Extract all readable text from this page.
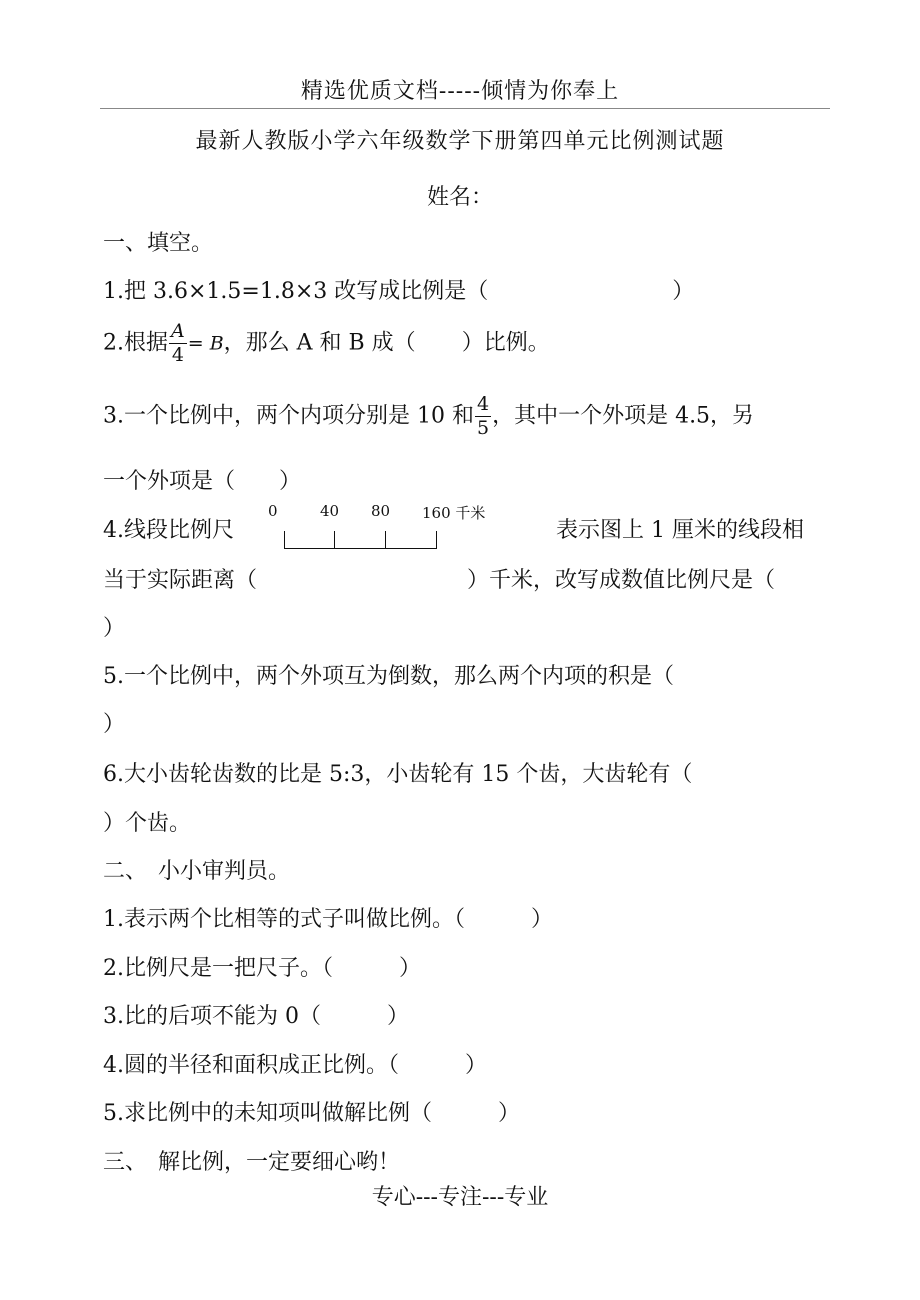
精选优质文档-----倾情为你奉上
最新人教版小学六年级数学下册第四单元比例测试题
姓名：
一、填空。
1.把 3.6×1.5=1.8×3 改写成比例是（	）
2.根据 $\frac{A}{4} = B$，那么 A 和 B 成（ ）比例。
3.一个比例中，两个内项分别是 10 和 $\frac{4}{5}$ ，其中一个外项是 4.5，另
一个外项是（　　）
4.线段比例尺
0	40 80 160 千米
表示图上 1 厘米的线段相
当于实际距离（	）千米，改写成数值比例尺是（
）
5.一个比例中，两个外项互为倒数，那么两个内项的积是（
）
6.大小齿轮齿数的比是 5:3，小齿轮有 15 个齿，大齿轮有（
）个齿。
二、　小小审判员。
1.表示两个比相等的式子叫做比例。（　　　）
2.比例尺是一把尺子。（　　　）
3.比的后项不能为 0（　　　）
4.圆的半径和面积成正比例。（　　　）
5.求比例中的未知项叫做解比例（　　　）
三、　解比例，一定要细心哟！
专心---专注---专业
